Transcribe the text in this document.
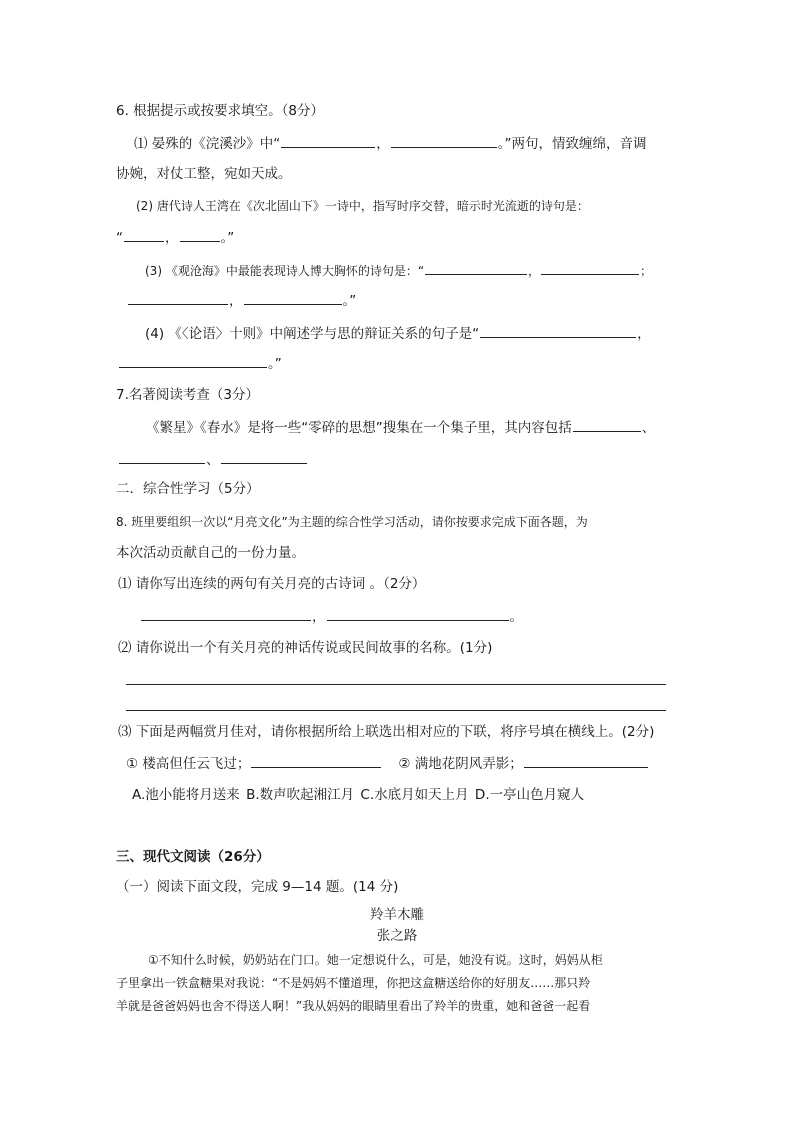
6. 根据提示或按要求填空。（8分）
⑴ 晏殊的《浣溪沙》中“	，	。”两句，情致缠绵，音调
协婉，对仗工整，宛如天成。
(2) 唐代诗人王湾在《次北固山下》一诗中，指写时序交替，暗示时光流逝的诗句是：
“	，	。”
(3) 《观沧海》中最能表现诗人博大胸怀的诗句是：“	，	；
，	。”
(4) 《〈论语〉十则》中阐述学与思的辩证关系的句子是“	，
。”
7.名著阅读考查（3分）
《繁星》《春水》是将一些“零碎的思想”搜集在一个集子里，其内容包括	、
、
二．综合性学习（5分）
8. 班里要组织一次以“月亮文化”为主题的综合性学习活动，请你按要求完成下面各题，为
本次活动贡献自己的一份力量。
⑴ 请你写出连续的两句有关月亮的古诗词 。（2分）
，	。
⑵ 请你说出一个有关月亮的神话传说或民间故事的名称。(1分)
⑶ 下面是两幅赏月佳对，请你根据所给上联选出相对应的下联，将序号填在横线上。(2分)
① 楼高但任云飞过；	② 满地花阴风弄影；
A.池小能将月送来 B.数声吹起湘江月 C.水底月如天上月 D.一亭山色月窥人
三、现代文阅读（26分）
（一）阅读下面文段，完成 9—14 题。(14 分)
羚羊木雕
张之路
①不知什么时候，奶奶站在门口。她一定想说什么，可是，她没有说。这时，妈妈从柜
子里拿出一铁盒糖果对我说：“不是妈妈不懂道理，你把这盒糖送给你的好朋友……那只羚
羊就是爸爸妈妈也舍不得送人啊！”我从妈妈的眼睛里看出了羚羊的贵重，她和爸爸一起看
